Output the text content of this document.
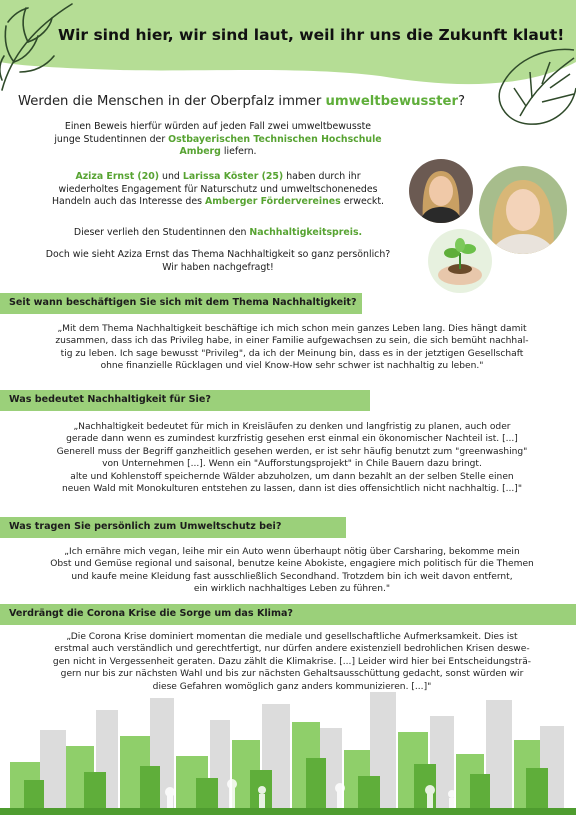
Wir sind hier, wir sind laut, weil ihr uns die Zukunft klaut!
Werden die Menschen in der Oberpfalz immer umweltbewusster?
Einen Beweis hierfür würden auf jeden Fall zwei umweltbewusste
junge Studentinnen der Ostbayerischen Technischen Hochschule
Amberg liefern.
Aziza Ernst (20) und Larissa Köster (25) haben durch ihr
wiederholtes Engagement für Naturschutz und umweltschonenedes
Handeln auch das Interesse des Amberger Fördervereines erweckt.
Dieser verlieh den Studentinnen den Nachhaltigkeitspreis.
Doch wie sieht Aziza Ernst das Thema Nachhaltigkeit so ganz persönlich?
Wir haben nachgefragt!
Seit wann beschäftigen Sie sich mit dem Thema Nachhaltigkeit?
„Mit dem Thema Nachhaltigkeit beschäftige ich mich schon mein ganzes Leben lang. Dies hängt damit
zusammen, dass ich das Privileg habe, in einer Familie aufgewachsen zu sein, die sich bemüht nachhal-
tig zu leben. Ich sage bewusst "Privileg", da ich der Meinung bin, dass es in der jetztigen Gesellschaft
ohne finanzielle Rücklagen und viel Know-How sehr schwer ist nachhaltig zu leben."
Was bedeutet Nachhaltigkeit für Sie?
„Nachhaltigkeit bedeutet für mich in Kreisläufen zu denken und langfristig zu planen, auch oder
gerade dann wenn es zumindest kurzfristig gesehen erst einmal ein ökonomischer Nachteil ist. [...]
Generell muss der Begriff ganzheitlich gesehen werden, er ist sehr häufig benutzt zum "greenwashing"
von Unternehmen [...]. Wenn ein "Aufforstungsprojekt" in Chile Bauern dazu bringt.
alte und Kohlenstoff speichernde Wälder abzuholzen, um dann bezahlt an der selben Stelle einen
neuen Wald mit Monokulturen entstehen zu lassen, dann ist dies offensichtlich nicht nachhaltig. [...]"
Was tragen Sie persönlich zum Umweltschutz bei?
„Ich ernähre mich vegan, leihe mir ein Auto wenn überhaupt nötig über Carsharing, bekomme mein
Obst und Gemüse regional und saisonal, benutze keine Abokiste, engagiere mich politisch für die Themen
und kaufe meine Kleidung fast ausschließlich Secondhand. Trotzdem bin ich weit davon entfernt,
ein wirklich nachhaltiges Leben zu führen."
Verdrängt die Corona Krise die Sorge um das Klima?
„Die Corona Krise dominiert momentan die mediale und gesellschaftliche Aufmerksamkeit. Dies ist
erstmal auch verständlich und gerechtfertigt, nur dürfen andere existenziell bedrohlichen Krisen deswe-
gen nicht in Vergessenheit geraten. Dazu zählt die Klimakrise. [...] Leider wird hier bei Entscheidungsträ-
gern nur bis zur nächsten Wahl und bis zur nächsten Gehaltsausschüttung gedacht, sonst würden wir
diese Gefahren womöglich ganz anders kommunizieren. [...]"
